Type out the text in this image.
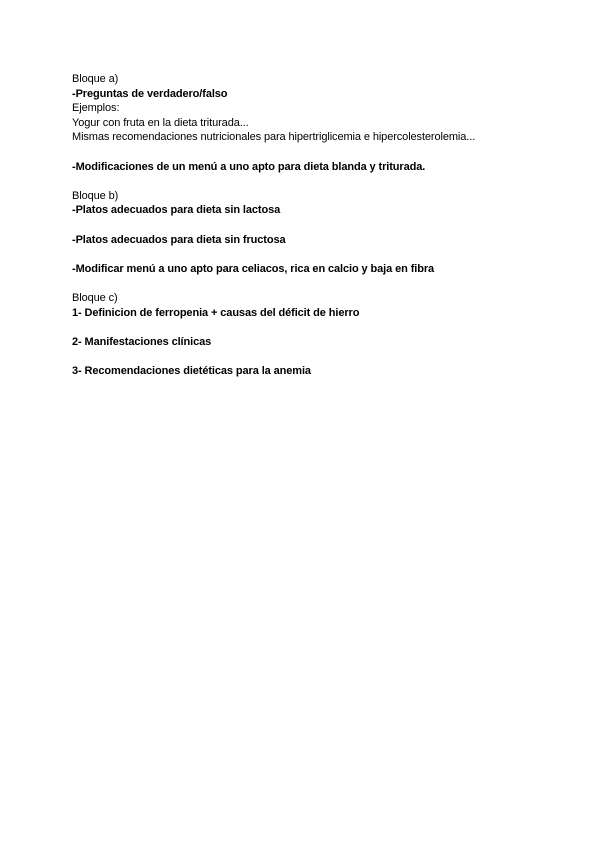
Bloque a)
-Preguntas de verdadero/falso
Ejemplos:
Yogur con fruta en la dieta triturada...
Mismas recomendaciones nutricionales para hipertriglicemia e hipercolesterolemia...
-Modificaciones de un menú a uno apto para dieta blanda y triturada.
Bloque b)
-Platos adecuados para dieta sin lactosa
-Platos adecuados para dieta sin fructosa
-Modificar menú a uno apto para celiacos, rica en calcio y baja en fibra
Bloque c)
1- Definicion de ferropenia + causas del déficit de hierro
2- Manifestaciones clínicas
3- Recomendaciones dietéticas para la anemia
